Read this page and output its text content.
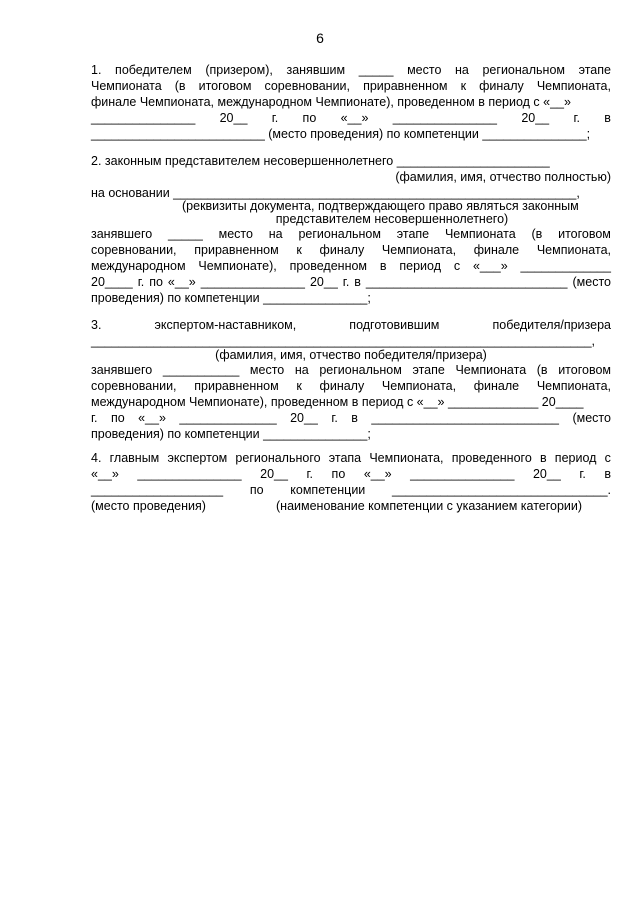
6
1. победителем (призером), занявшим _____ место на региональном этапе
Чемпионата (в итоговом соревновании, приравненном к финалу Чемпионата,
финале Чемпионата, международном Чемпионате), проведенном в период с «__»
_______________ 20__ г. по «__» _______________ 20__ г. в
_________________________ (место проведения) по компетенции _______________;
2. законным представителем несовершеннолетнего ______________________
(фамилия, имя, отчество полностью)
на основании __________________________________________________________,
(реквизиты документа, подтверждающего право являться законным
представителем несовершеннолетнего)
занявшего _____ место на региональном этапе Чемпионата (в итоговом
соревновании, приравненном к финалу Чемпионата, финале Чемпионата,
международном Чемпионате), проведенном в период с «___» _____________
20____ г. по «__» _______________ 20__ г. в _____________________________ (место
проведения) по компетенции _______________;
3.	экспертом-наставником,	подготовившим	победителя/призера
________________________________________________________________________,
(фамилия, имя, отчество победителя/призера)
занявшего ___________ место на региональном этапе Чемпионата (в итоговом
соревновании, приравненном к финалу Чемпионата, финале Чемпионата,
международном Чемпионате), проведенном в период с «__» _____________ 20____
г. по «__» ______________ 20__ г. в ___________________________ (место
проведения) по компетенции _______________;
4. главным экспертом регионального этапа Чемпионата, проведенного в период с
«__» _______________ 20__ г. по «__» _______________ 20__ г. в
___________________ по компетенции _______________________________.
(место проведения)	(наименование компетенции с указанием категории)
